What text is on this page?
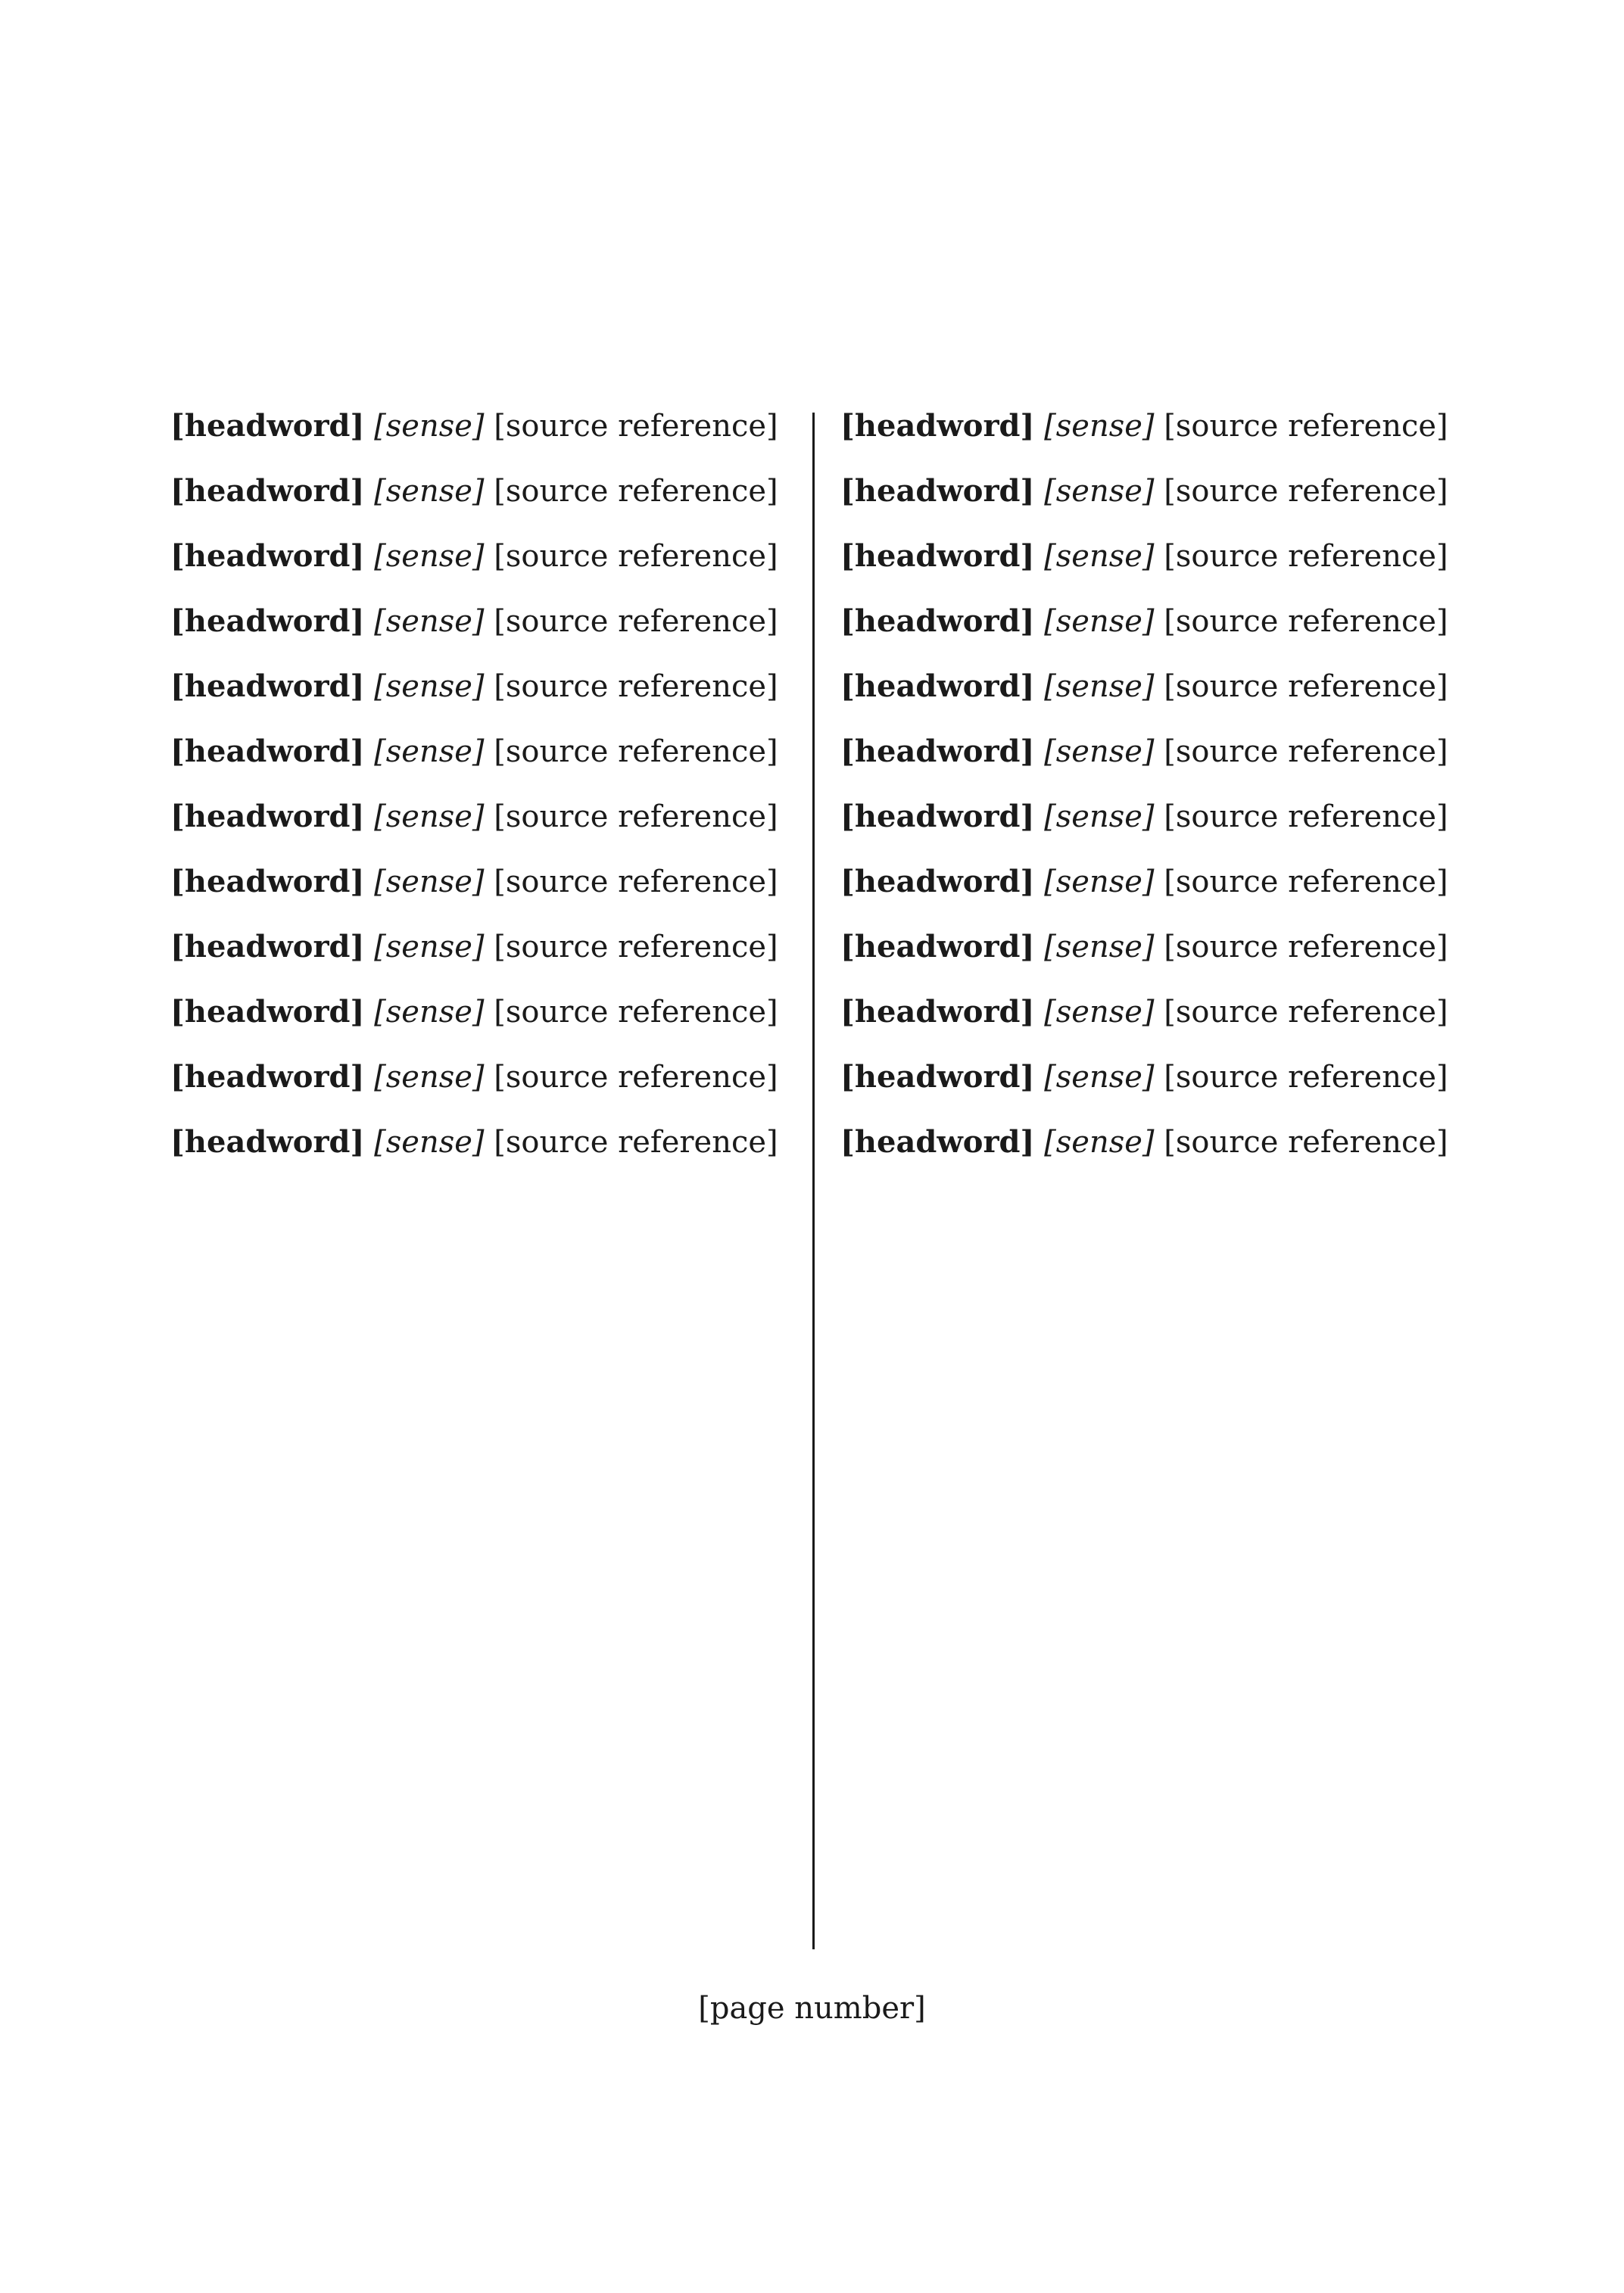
[headword] [sense] [source reference]
[headword] [sense] [source reference]
[headword] [sense] [source reference]
[headword] [sense] [source reference]
[headword] [sense] [source reference]
[headword] [sense] [source reference]
[headword] [sense] [source reference]
[headword] [sense] [source reference]
[headword] [sense] [source reference]
[headword] [sense] [source reference]
[headword] [sense] [source reference]
[headword] [sense] [source reference]
[headword] [sense] [source reference]
[headword] [sense] [source reference]
[headword] [sense] [source reference]
[headword] [sense] [source reference]
[headword] [sense] [source reference]
[headword] [sense] [source reference]
[headword] [sense] [source reference]
[headword] [sense] [source reference]
[headword] [sense] [source reference]
[headword] [sense] [source reference]
[headword] [sense] [source reference]
[headword] [sense] [source reference]
[page number]
